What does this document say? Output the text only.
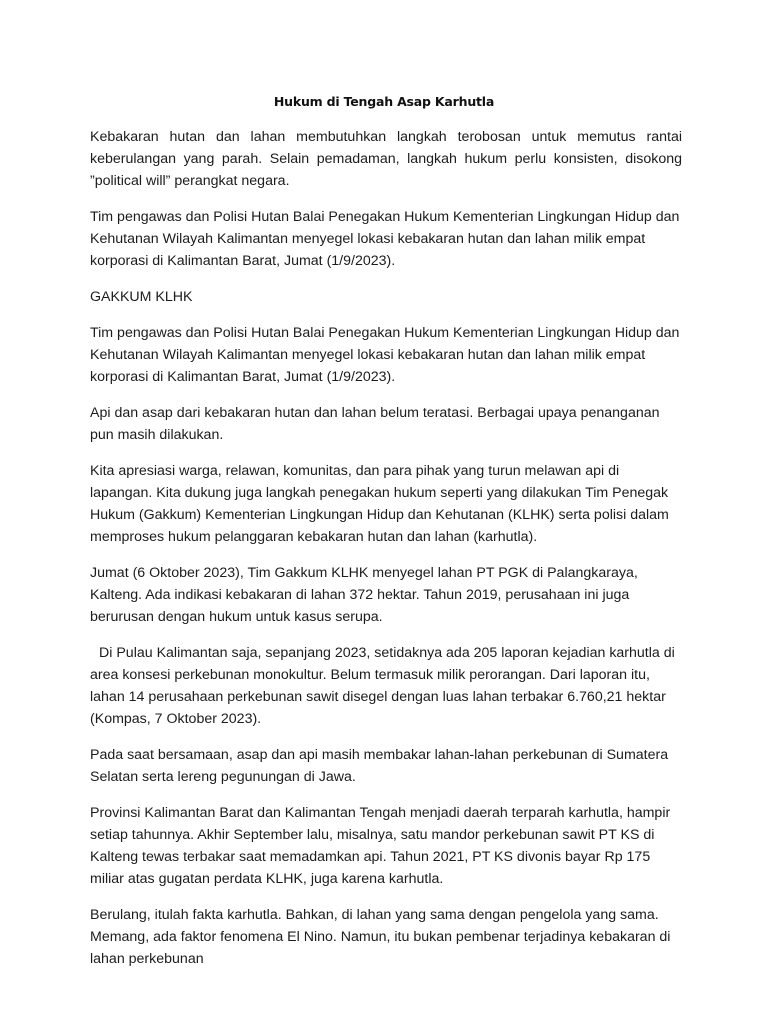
Hukum di Tengah Asap Karhutla

Kebakaran hutan dan lahan membutuhkan langkah terobosan untuk memutus rantai keberulangan yang parah. Selain pemadaman, langkah hukum perlu konsisten, disokong ”political will” perangkat negara.

Tim pengawas dan Polisi Hutan Balai Penegakan Hukum Kementerian Lingkungan Hidup dan Kehutanan Wilayah Kalimantan menyegel lokasi kebakaran hutan dan lahan milik empat korporasi di Kalimantan Barat, Jumat (1/9/2023).

GAKKUM KLHK

Tim pengawas dan Polisi Hutan Balai Penegakan Hukum Kementerian Lingkungan Hidup dan Kehutanan Wilayah Kalimantan menyegel lokasi kebakaran hutan dan lahan milik empat korporasi di Kalimantan Barat, Jumat (1/9/2023).

Api dan asap dari kebakaran hutan dan lahan belum teratasi. Berbagai upaya penanganan pun masih dilakukan.

Kita apresiasi warga, relawan, komunitas, dan para pihak yang turun melawan api di lapangan. Kita dukung juga langkah penegakan hukum seperti yang dilakukan Tim Penegak Hukum (Gakkum) Kementerian Lingkungan Hidup dan Kehutanan (KLHK) serta polisi dalam memproses hukum pelanggaran kebakaran hutan dan lahan (karhutla).

Jumat (6 Oktober 2023), Tim Gakkum KLHK menyegel lahan PT PGK di Palangkaraya, Kalteng. Ada indikasi kebakaran di lahan 372 hektar. Tahun 2019, perusahaan ini juga berurusan dengan hukum untuk kasus serupa.

Di Pulau Kalimantan saja, sepanjang 2023, setidaknya ada 205 laporan kejadian karhutla di area konsesi perkebunan monokultur. Belum termasuk milik perorangan. Dari laporan itu, lahan 14 perusahaan perkebunan sawit disegel dengan luas lahan terbakar 6.760,21 hektar (Kompas, 7 Oktober 2023).

Pada saat bersamaan, asap dan api masih membakar lahan-lahan perkebunan di Sumatera Selatan serta lereng pegunungan di Jawa.

Provinsi Kalimantan Barat dan Kalimantan Tengah menjadi daerah terparah karhutla, hampir setiap tahunnya. Akhir September lalu, misalnya, satu mandor perkebunan sawit PT KS di Kalteng tewas terbakar saat memadamkan api. Tahun 2021, PT KS divonis bayar Rp 175 miliar atas gugatan perdata KLHK, juga karena karhutla.

Berulang, itulah fakta karhutla. Bahkan, di lahan yang sama dengan pengelola yang sama. Memang, ada faktor fenomena El Nino. Namun, itu bukan pembenar terjadinya kebakaran di lahan perkebunan
